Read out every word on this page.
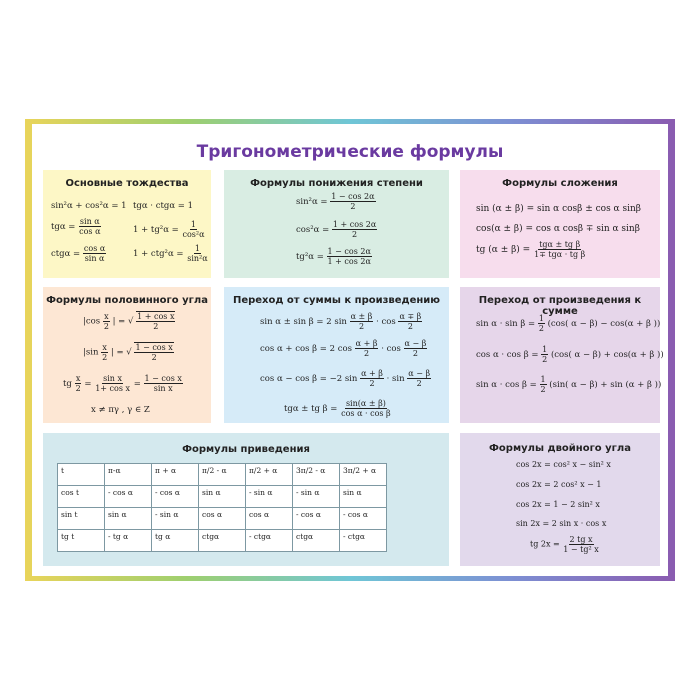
Тригонометрические формулы
Основные тождества
sin²α + cos²α = 1 tgα · ctgα = 1
$tg\alpha = \frac{\text{sin α}}{\text{cos α}}$	$1 + tg^2\alpha = \frac{1}{\text{cos²α}}$
$ctg\alpha = \frac{\text{cos α}}{\text{sin α}}$	$1 + ctg^2\alpha = \frac{1}{\text{sin²α}}$
Формулы понижения степени
$\sin^2\alpha = \frac{1 - \cos 2\alpha}{2}$
$\cos^2\alpha = \frac{1 + \cos 2\alpha}{2}$
$tg^2\alpha = \frac{1 - \cos 2\alpha}{1 + \cos 2\alpha}$
Формулы сложения
sin (α ± β) = sin α cosβ ± cos α sinβ
cos(α ± β) = cos α cosβ ∓ sin α sinβ
tg (α ± β) =
tgα ± tg β
1∓ tgα · tg β
Формулы половинного угла
$|\cos \frac{x}{2}$ | = √ $\frac{\text{1 + cos x}}{2}$
$|\sin \frac{x}{2}$ | = √ $\frac{\text{1 − cos x}}{2}$
tg $\frac{x}{2} = \frac{\text{sin x}}{\text{1+ cos x}} = \frac{\text{1 − cos x}}{\text{sin x}}$
x ≠ πγ , γ ∈ Z
Переход от суммы к произведению
sin α ± sin β = 2 $\sin \frac{\alpha \pm \beta}{2} \cdot \cos \frac{\alpha \mp \beta}{2}$
cos α + cos β = 2 $\cos \frac{\alpha + \beta}{2} \cdot \cos \frac{\alpha - \beta}{2}$
cos α − cos β = −2 $\sin \frac{\alpha + \beta}{2} \cdot \sin \frac{\alpha - \beta}{2}$
tgα ± tg $\beta = \frac{\sin(\alpha \pm \beta)}{\text{cos α · cos β}}$
Переход от произведения к сумме
$\sin \alpha \cdot \sin \beta = \frac{1}{2} (\cos$( α − β) − cos(α + β ))
$\cos \alpha \cdot \cos \beta = \frac{1}{2} (\cos$( α − β) + cos(α + β ))
$\sin \alpha \cdot \cos \beta = \frac{1}{2} (\sin$( α − β) + sin (α + β ))
Формулы приведения
t	π-α	π + α	π/2 - α	π/2 + α	3π/2 - α	3π/2 + α
cos t	- cos α	- cos α	sin α	- sin α	- sin α	sin α
sin t	sin α	- sin α	cos α	cos α	- cos α	- cos α
tg t	- tg α	tg α	ctgα	- ctgα	ctgα	- ctgα
Формулы двойного угла
cos 2x = cos² x − sin² x
cos 2x = 2 cos² x − 1
cos 2x = 1 − 2 sin² x
sin 2x = 2 sin x · cos x
tg $2x = \frac{\text{2 tg x}}{\text{1 − tg² x}}$
